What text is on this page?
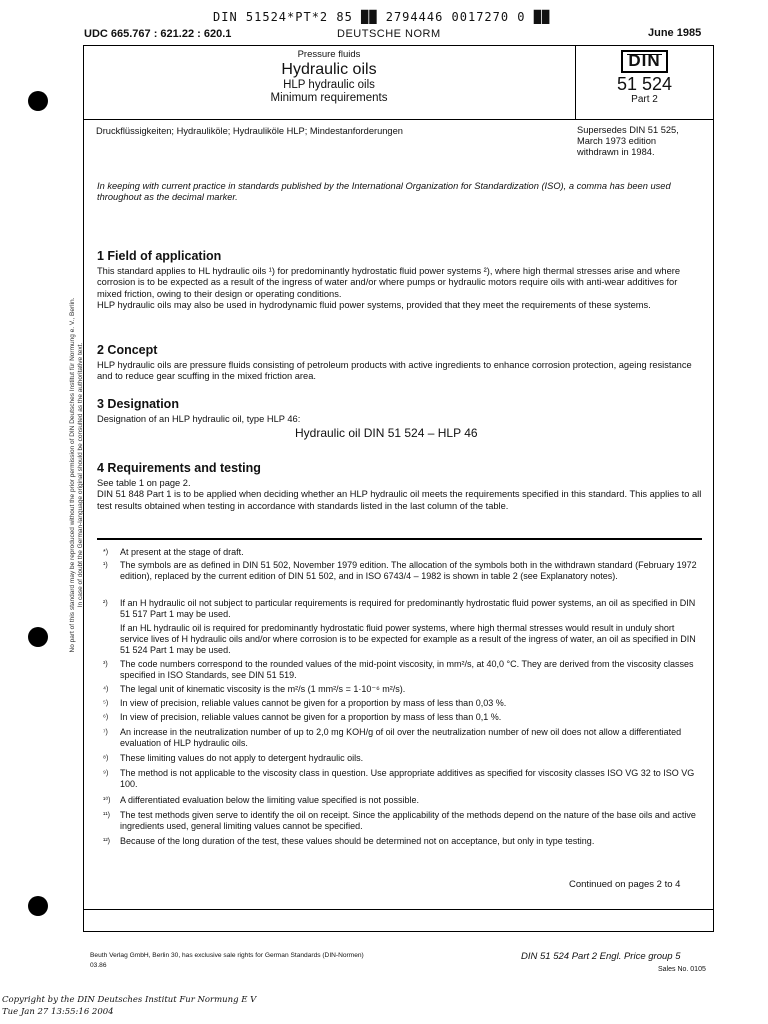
DIN 51524*PT*2 85 ██ 2794446 0017270 0 ██
UDC 665.767 : 621.22 : 620.1	DEUTSCHE NORM	June 1985
Pressure fluids
Hydraulic oils
HLP hydraulic oils
Minimum requirements
DIN
51 524
Part 2
Druckflüssigkeiten; Hydrauliköle; Hydrauliköle HLP; Mindestanforderungen	Supersedes DIN 51 525,
March 1973 edition
withdrawn in 1984.
In keeping with current practice in standards published by the International Organization for Standardization (ISO), a comma has been used throughout as the decimal marker.
1 Field of application
This standard applies to HL hydraulic oils ¹) for predominantly hydrostatic fluid power systems ²), where high thermal stresses arise and where corrosion is to be expected as a result of the ingress of water and/or where pumps or hydraulic motors require oils with anti-wear additives for mixed friction, owing to their design or operating conditions.
HLP hydraulic oils may also be used in hydrodynamic fluid power systems, provided that they meet the requirements of these systems.
2 Concept
HLP hydraulic oils are pressure fluids consisting of petroleum products with active ingredients to enhance corrosion protection, ageing resistance and to reduce gear scuffing in the mixed friction area.
3 Designation
Designation of an HLP hydraulic oil, type HLP 46:
Hydraulic oil DIN 51 524 – HLP 46
4 Requirements and testing
See table 1 on page 2.
DIN 51 848 Part 1 is to be applied when deciding whether an HLP hydraulic oil meets the requirements specified in this standard. This applies to all test results obtained when testing in accordance with standards listed in the last column of the table.
*)	At present at the stage of draft.
¹)	The symbols are as defined in DIN 51 502, November 1979 edition. The allocation of the symbols both in the withdrawn standard (February 1972 edition), replaced by the current edition of DIN 51 502, and in ISO 6743/4 – 1982 is shown in table 2 (see Explanatory notes).
²)	If an H hydraulic oil not subject to particular requirements is required for predominantly hydrostatic fluid power systems, an oil as specified in DIN 51 517 Part 1 may be used.
If an HL hydraulic oil is required for predominantly hydrostatic fluid power systems, where high thermal stresses would result in unduly short service lives of H hydraulic oils and/or where corrosion is to be expected for example as a result of the ingress of water, an oil as specified in DIN 51 524 Part 1 may be used.
³)	The code numbers correspond to the rounded values of the mid-point viscosity, in mm²/s, at 40,0 °C. They are derived from the viscosity classes specified in ISO Standards, see DIN 51 519.
⁴)	The legal unit of kinematic viscosity is the m²/s (1 mm²/s = 1·10⁻⁶ m²/s).
⁵)	In view of precision, reliable values cannot be given for a proportion by mass of less than 0,03 %.
⁶)	In view of precision, reliable values cannot be given for a proportion by mass of less than 0,1 %.
⁷)	An increase in the neutralization number of up to 2,0 mg KOH/g of oil over the neutralization number of new oil does not allow a differentiated evaluation of HLP hydraulic oils.
⁸)	These limiting values do not apply to detergent hydraulic oils.
⁹)	The method is not applicable to the viscosity class in question. Use appropriate additives as specified for viscosity classes ISO VG 32 to ISO VG 100.
¹⁰)	A differentiated evaluation below the limiting value specified is not possible.
¹¹)	The test methods given serve to identify the oil on receipt. Since the applicability of the methods depend on the nature of the base oils and active ingredients used, general limiting values cannot be specified.
¹²)	Because of the long duration of the test, these values should be determined not on acceptance, but only in type testing.
Continued on pages 2 to 4
Beuth Verlag GmbH, Berlin 30, has exclusive sale rights for German Standards (DIN-Normen)
03.86
DIN 51 524 Part 2 Engl. Price group 5
Sales No. 0105
No part of this standard may be reproduced without the prior permission of DIN Deutsches Institut für Normung e. V., Berlin. In case of doubt the German-language original should be consulted as the authoritative text.
Copyright by the DIN Deutsches Institut Fur Normung E V
Tue Jan 27 13:55:16 2004
